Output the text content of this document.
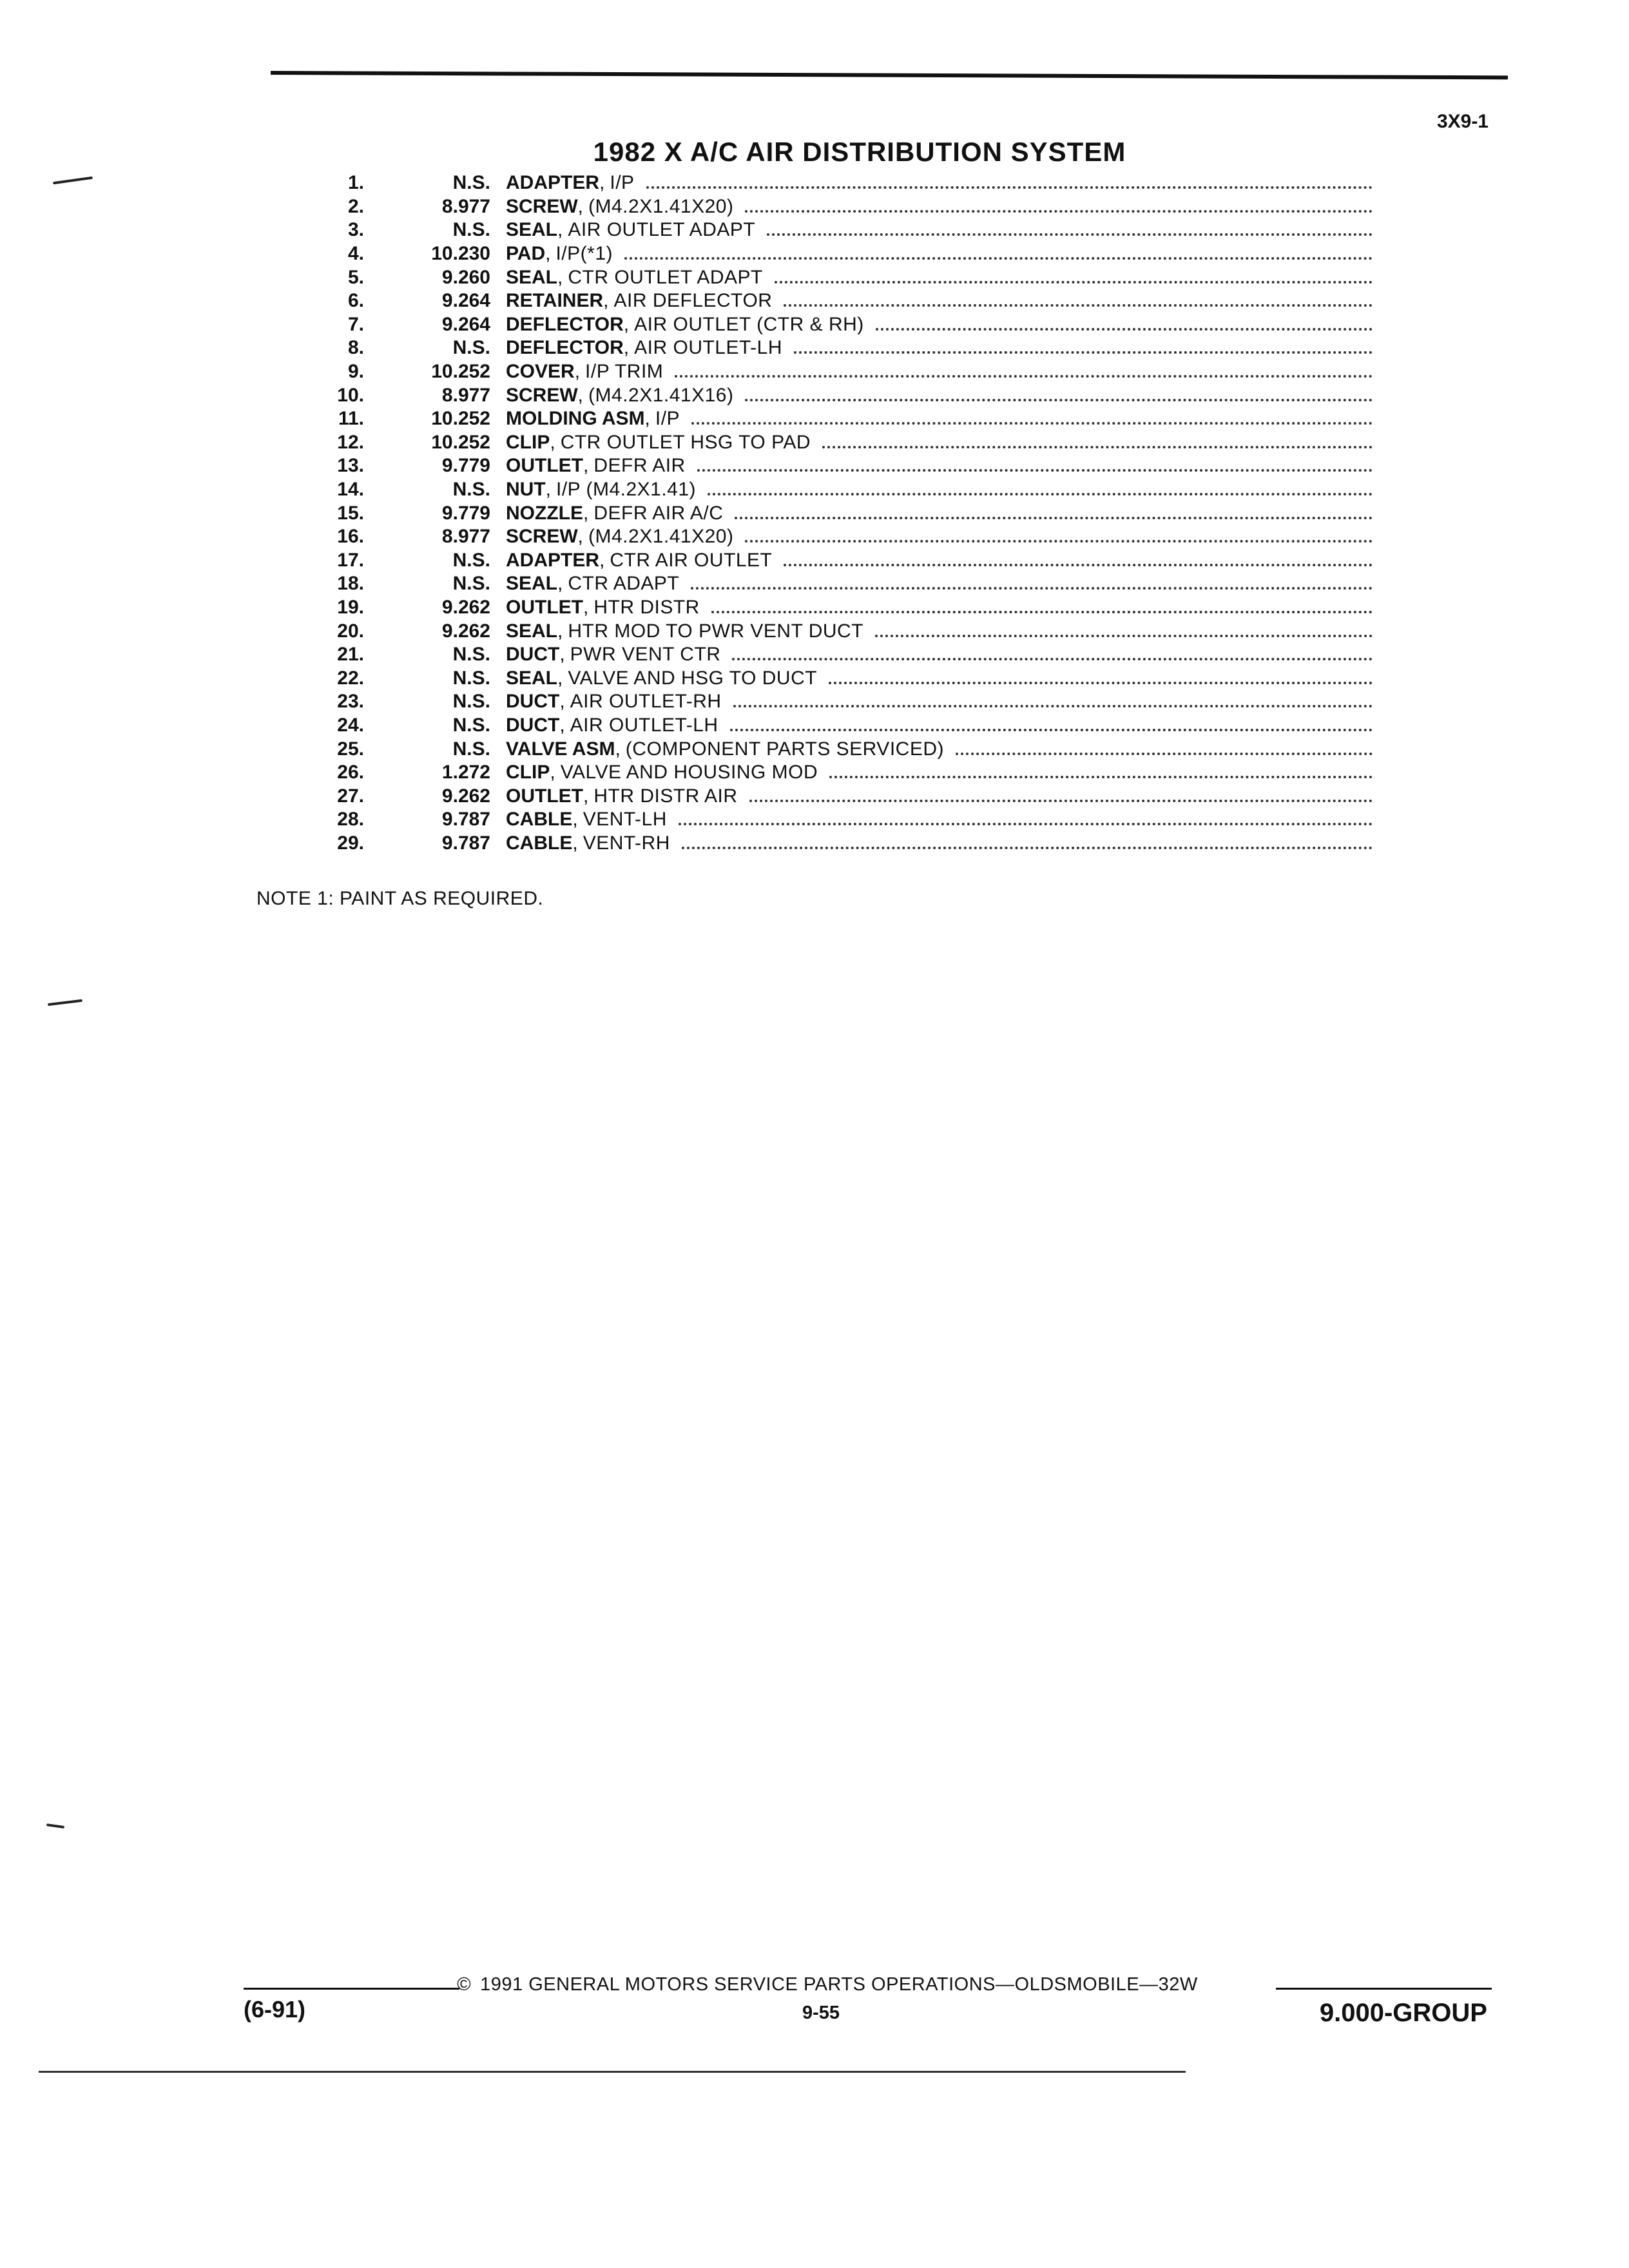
3X9-1
1982 X A/C AIR DISTRIBUTION SYSTEM
1.	N.S. ADAPTER , I/P
2.	8.977 SCREW , (M4.2X1.41X20)
3.	N.S. SEAL , AIR OUTLET ADAPT
4.	10.230 PAD , I/P(*1)
5.	9.260 SEAL , CTR OUTLET ADAPT
6.	9.264 RETAINER , AIR DEFLECTOR
7.	9.264 DEFLECTOR , AIR OUTLET (CTR & RH)
8.	N.S. DEFLECTOR , AIR OUTLET-LH
9.	10.252 COVER , I/P TRIM
10.	8.977 SCREW , (M4.2X1.41X16)
11.	10.252 MOLDING ASM , I/P
12.	10.252 CLIP , CTR OUTLET HSG TO PAD
13.	9.779 OUTLET , DEFR AIR
14.	N.S. NUT , I/P (M4.2X1.41)
15.	9.779 NOZZLE , DEFR AIR A/C
16.	8.977 SCREW , (M4.2X1.41X20)
17.	N.S. ADAPTER , CTR AIR OUTLET
18.	N.S. SEAL , CTR ADAPT
19.	9.262 OUTLET , HTR DISTR
20.	9.262 SEAL , HTR MOD TO PWR VENT DUCT
21.	N.S. DUCT , PWR VENT CTR
22.	N.S. SEAL , VALVE AND HSG TO DUCT
23.	N.S. DUCT , AIR OUTLET-RH
24.	N.S. DUCT , AIR OUTLET-LH
25.	N.S. VALVE ASM , (COMPONENT PARTS SERVICED)
26.	1.272 CLIP , VALVE AND HOUSING MOD
27.	9.262 OUTLET , HTR DISTR AIR
28.	9.787 CABLE , VENT-LH
29.	9.787 CABLE , VENT-RH
NOTE 1: PAINT AS REQUIRED.
© 1991 GENERAL MOTORS SERVICE PARTS OPERATIONS—OLDSMOBILE—32W
(6-91)	9-55	9.000-GROUP
